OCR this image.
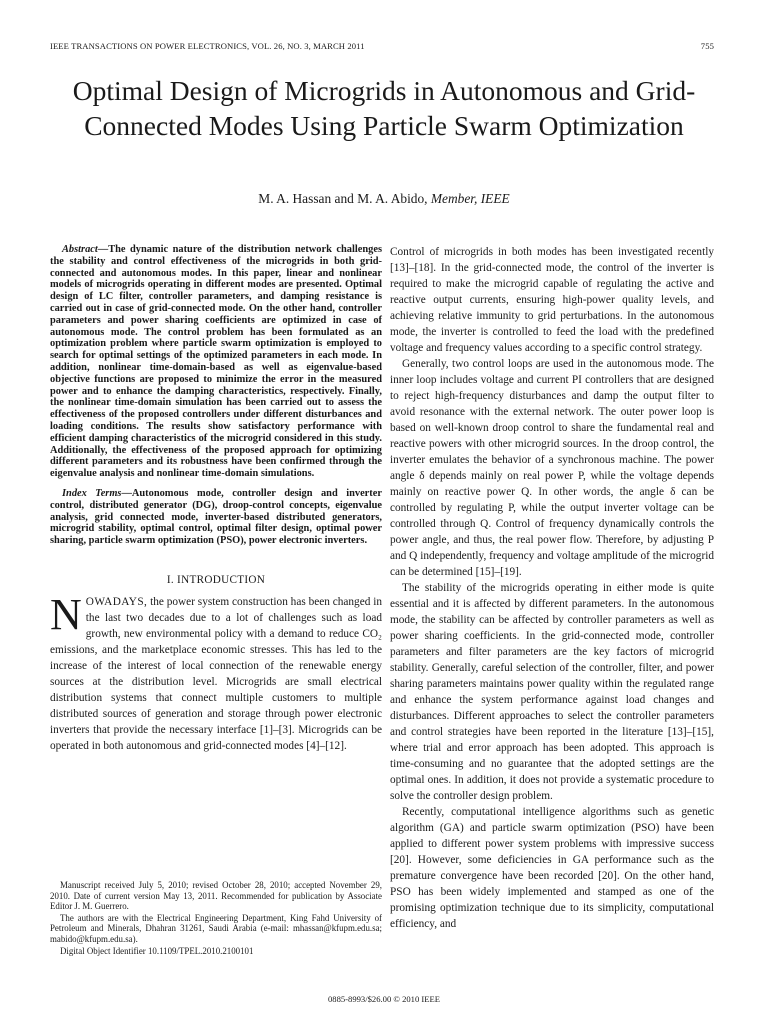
IEEE TRANSACTIONS ON POWER ELECTRONICS, VOL. 26, NO. 3, MARCH 2011	755
Optimal Design of Microgrids in Autonomous and Grid-Connected Modes Using Particle Swarm Optimization
M. A. Hassan and M. A. Abido, Member, IEEE

Abstract—The dynamic nature of the distribution network challenges the stability and control effectiveness of the microgrids in both grid-connected and autonomous modes. In this paper, linear and nonlinear models of microgrids operating in different modes are presented. Optimal design of LC filter, controller parameters, and damping resistance is carried out in case of grid-connected mode. On the other hand, controller parameters and power sharing coefficients are optimized in case of autonomous mode. The control problem has been formulated as an optimization problem where particle swarm optimization is employed to search for optimal settings of the optimized parameters in each mode. In addition, nonlinear time-domain-based as well as eigenvalue-based objective functions are proposed to minimize the error in the measured power and to enhance the damping characteristics, respectively. Finally, the nonlinear time-domain simulation has been carried out to assess the effectiveness of the proposed controllers under different disturbances and loading conditions. The results show satisfactory performance with efficient damping characteristics of the microgrid considered in this study. Additionally, the effectiveness of the proposed approach for optimizing different parameters and its robustness have been confirmed through the eigenvalue analysis and nonlinear time-domain simulations.

Index Terms—Autonomous mode, controller design and inverter control, distributed generator (DG), droop-control concepts, eigenvalue analysis, grid connected mode, inverter-based distributed generators, microgrid stability, optimal control, optimal filter design, optimal power sharing, particle swarm optimization (PSO), power electronic inverters.

I. INTRODUCTION
N OWADAYS, the power system construction has been changed in the last two decades due to a lot of challenges such as load growth, new environmental policy with a demand to reduce CO₂ emissions, and the marketplace economic stresses. This has led to the increase of the interest of local connection of the renewable energy sources at the distribution level. Microgrids are small electrical distribution systems that connect multiple customers to multiple distributed sources of generation and storage through power electronic inverters that provide the necessary interface [1]–[3]. Microgrids can be operated in both autonomous and grid-connected modes [4]–[12].

Control of microgrids in both modes has been investigated recently [13]–[18]. In the grid-connected mode, the control of the inverter is required to make the microgrid capable of regulating the active and reactive output currents, ensuring high-power quality levels, and achieving relative immunity to grid perturbations. In the autonomous mode, the inverter is controlled to feed the load with the predefined voltage and frequency values according to a specific control strategy.

Generally, two control loops are used in the autonomous mode. The inner loop includes voltage and current PI controllers that are designed to reject high-frequency disturbances and damp the output filter to avoid resonance with the external network. The outer power loop is based on well-known droop control to share the fundamental real and reactive powers with other microgrid sources. In the droop control, the inverter emulates the behavior of a synchronous machine. The power angle δ depends mainly on real power P, while the voltage depends mainly on reactive power Q. In other words, the angle δ can be controlled by regulating P, while the output inverter voltage can be controlled through Q. Control of frequency dynamically controls the power angle, and thus, the real power flow. Therefore, by adjusting P and Q independently, frequency and voltage amplitude of the microgrid can be determined [15]–[19].

The stability of the microgrids operating in either mode is quite essential and it is affected by different parameters. In the autonomous mode, the stability can be affected by controller parameters as well as power sharing coefficients. In the grid-connected mode, controller parameters and filter parameters are the key factors of microgrid stability. Generally, careful selection of the controller, filter, and power sharing parameters maintains power quality within the regulated range and enhance the system performance against load changes and disturbances. Different approaches to select the controller parameters and control strategies have been reported in the literature [13]–[15], where trial and error approach has been adopted. This approach is time-consuming and no guarantee that the adopted settings are the optimal ones. In addition, it does not provide a systematic procedure to solve the controller design problem.

Recently, computational intelligence algorithms such as genetic algorithm (GA) and particle swarm optimization (PSO) have been applied to different power system problems with impressive success [20]. However, some deficiencies in GA performance such as the premature convergence have been recorded [20]. On the other hand, PSO has been widely implemented and stamped as one of the promising optimization technique due to its simplicity, computational efficiency, and

Manuscript received July 5, 2010; revised October 28, 2010; accepted November 29, 2010. Date of current version May 13, 2011. Recommended for publication by Associate Editor J. M. Guerrero.

The authors are with the Electrical Engineering Department, King Fahd University of Petroleum and Minerals, Dhahran 31261, Saudi Arabia (e-mail: mhassan@kfupm.edu.sa; mabido@kfupm.edu.sa).

Digital Object Identifier 10.1109/TPEL.2010.2100101

0885-8993/$26.00 © 2010 IEEE
